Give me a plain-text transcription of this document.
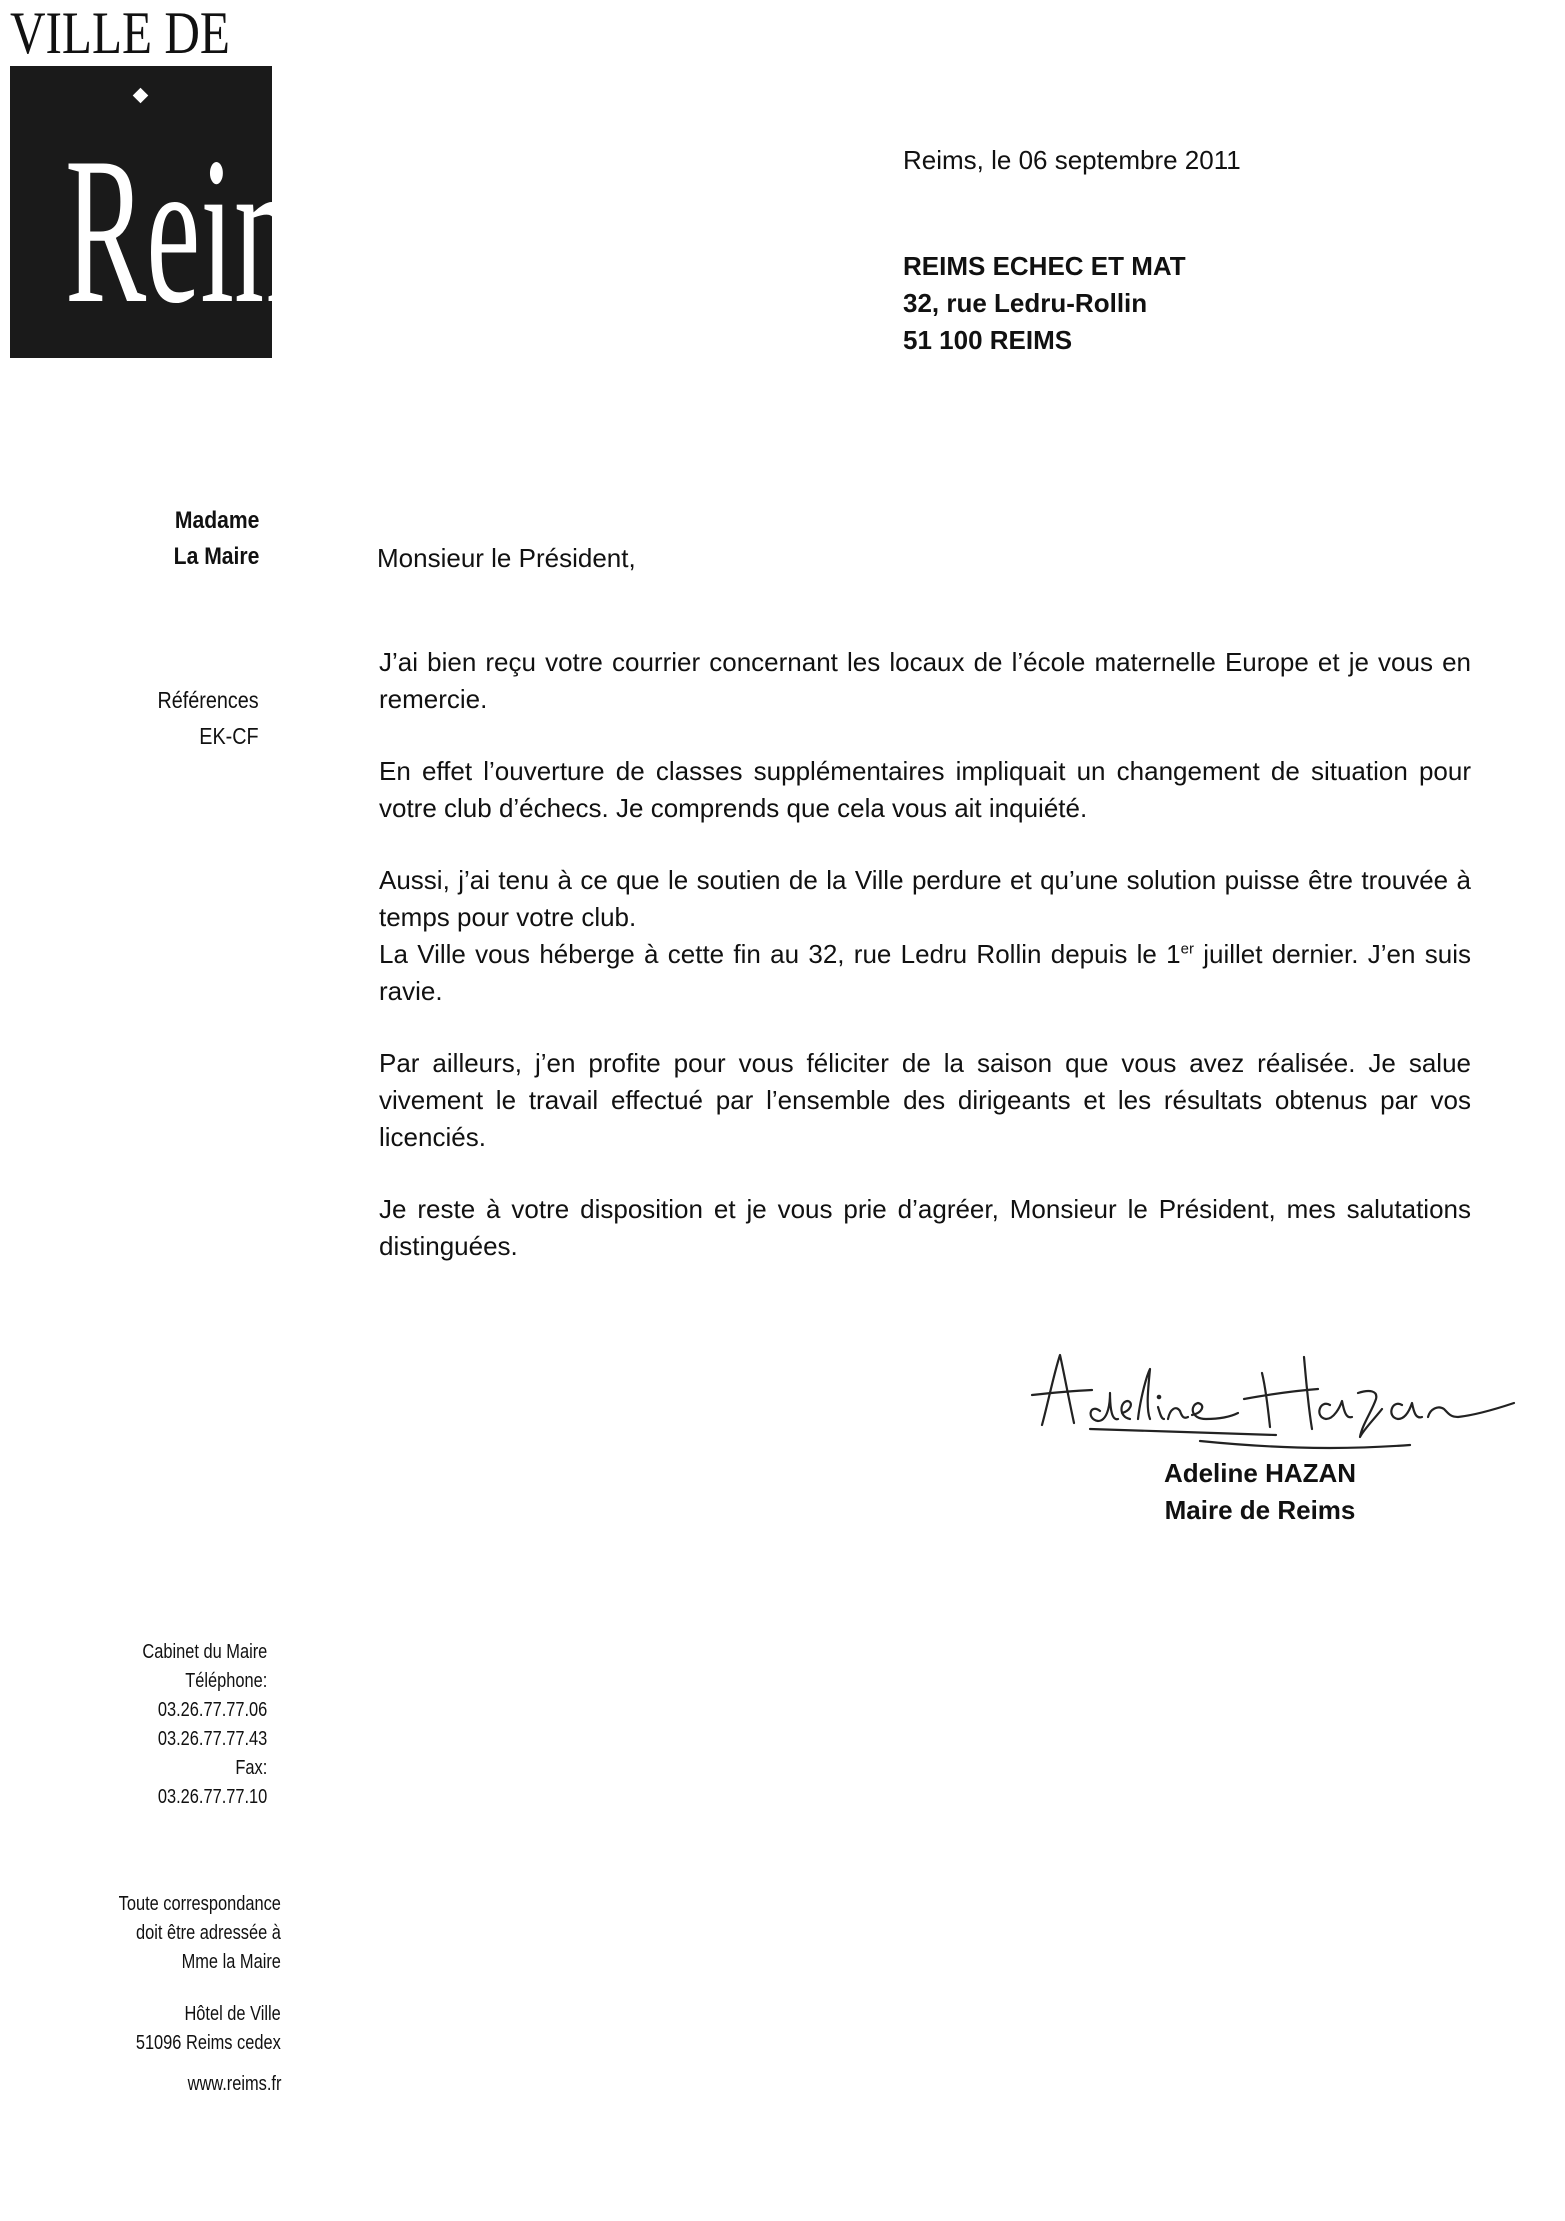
VILLE DE
Reims	Reims, le 06 septembre 2011
REIMS ECHEC ET MAT
32, rue Ledru-Rollin
51 100 REIMS
Madame
La Maire
Références
EK-CF
Monsieur le Président,

J’ai bien reçu votre courrier concernant les locaux de l’école maternelle Europe et je vous en remercie.

En effet l’ouverture de classes supplémentaires impliquait un changement de situation pour votre club d’échecs. Je comprends que cela vous ait inquiété.

Aussi, j’ai tenu à ce que le soutien de la Ville perdure et qu’une solution puisse être trouvée à temps pour votre club.
La Ville vous héberge à cette fin au 32, rue Ledru Rollin depuis le 1er juillet dernier. J’en suis ravie.

Par ailleurs, j’en profite pour vous féliciter de la saison que vous avez réalisée. Je salue vivement le travail effectué par l’ensemble des dirigeants et les résultats obtenus par vos licenciés.

Je reste à votre disposition et je vous prie d’agréer, Monsieur le Président, mes salutations distinguées.

Adeline HAZAN
Maire de Reims
Cabinet du Maire
Téléphone:
03.26.77.77.06
03.26.77.77.43
Fax:
03.26.77.77.10
Toute correspondance
doit être adressée à
Mme la Maire
Hôtel de Ville
51096 Reims cedex
www.reims.fr
